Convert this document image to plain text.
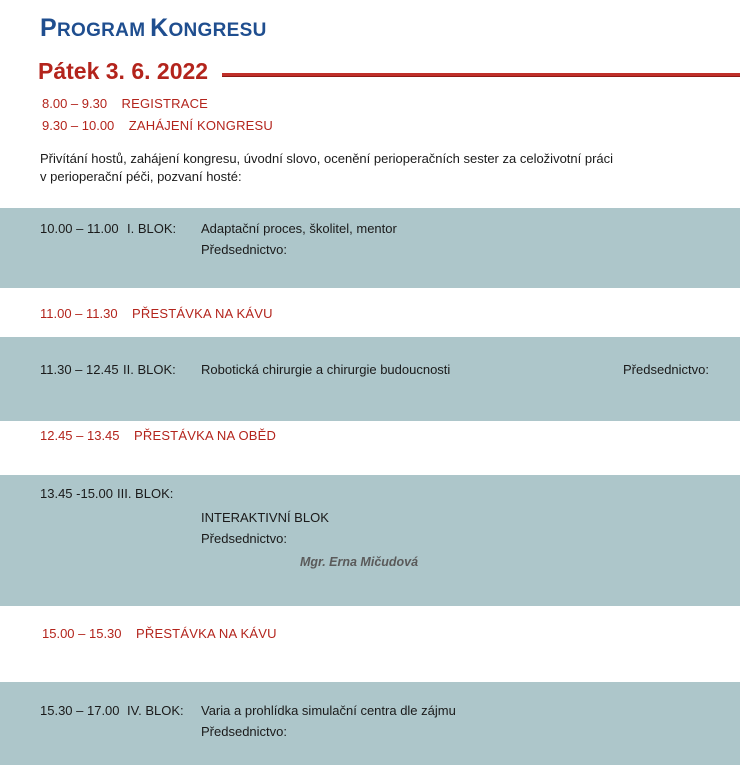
PROGRAM KONGRESU
Pátek 3. 6. 2022
8.00 – 9.30 REGISTRACE
9.30 – 10.00 ZAHÁJENÍ KONGRESU
Přivítání hostů, zahájení kongresu, úvodní slovo, ocenění perioperačních sester za celoživotní práci
v perioperační péči, pozvaní hosté:
10.00 – 11.00 I. BLOK: Adaptační proces, školitel, mentor
Předsednictvo:
11.00 – 11.30 PŘESTÁVKA NA KÁVU
11.30 – 12.45 II. BLOK: Robotická chirurgie a chirurgie budoucnosti	Předsednictvo:
12.45 – 13.45 PŘESTÁVKA NA OBĚD
13.45 -15.00 III. BLOK:
INTERAKTIVNÍ BLOK
Předsednictvo:
Mgr. Erna Mičudová
15.00 – 15.30 PŘESTÁVKA NA KÁVU
15.30 – 17.00 IV. BLOK: Varia a prohlídka simulační centra dle zájmu
Předsednictvo:
